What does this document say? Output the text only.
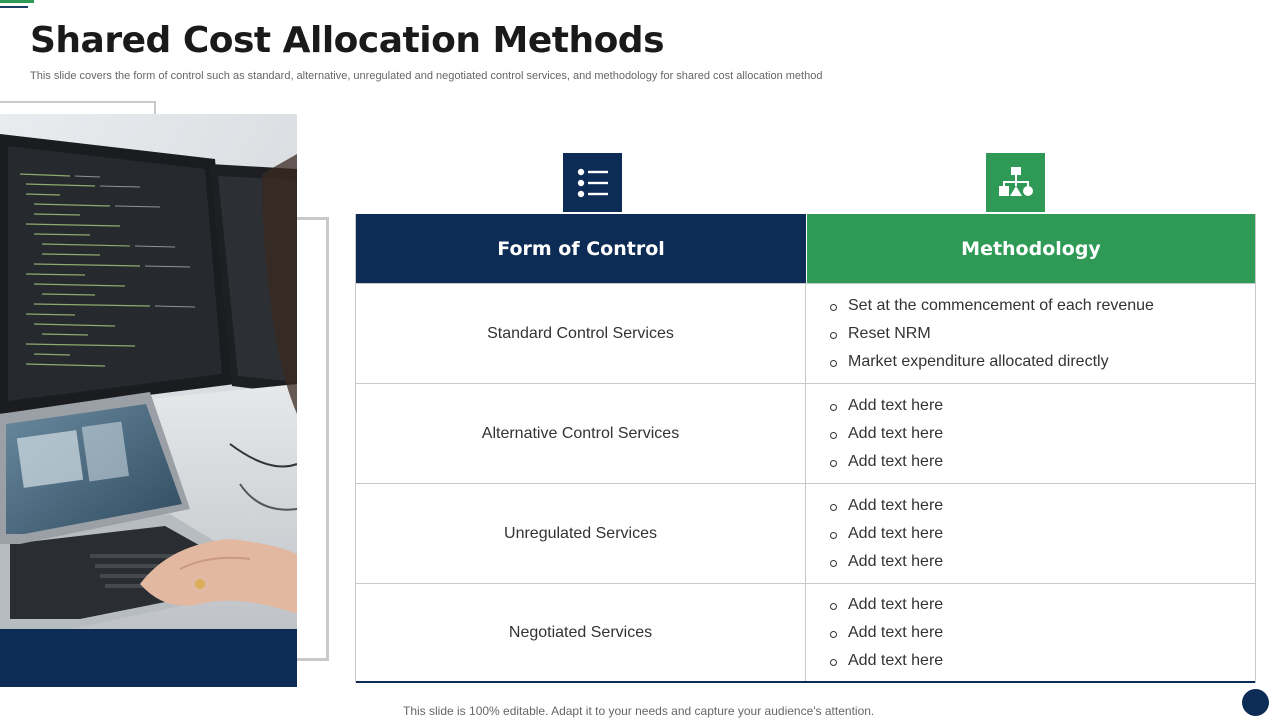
Shared Cost Allocation Methods
This slide covers the form of control such as standard, alternative, unregulated and negotiated control services, and methodology for shared cost allocation method
Form of Control	Methodology
Standard Control Services
Set at the commencement of each revenue
Reset NRM
Market expenditure allocated directly
Alternative Control Services
Add text here
Add text here
Add text here
Unregulated Services
Add text here
Add text here
Add text here
Negotiated Services
Add text here
Add text here
Add text here
This slide is 100% editable. Adapt it to your needs and capture your audience's attention.
